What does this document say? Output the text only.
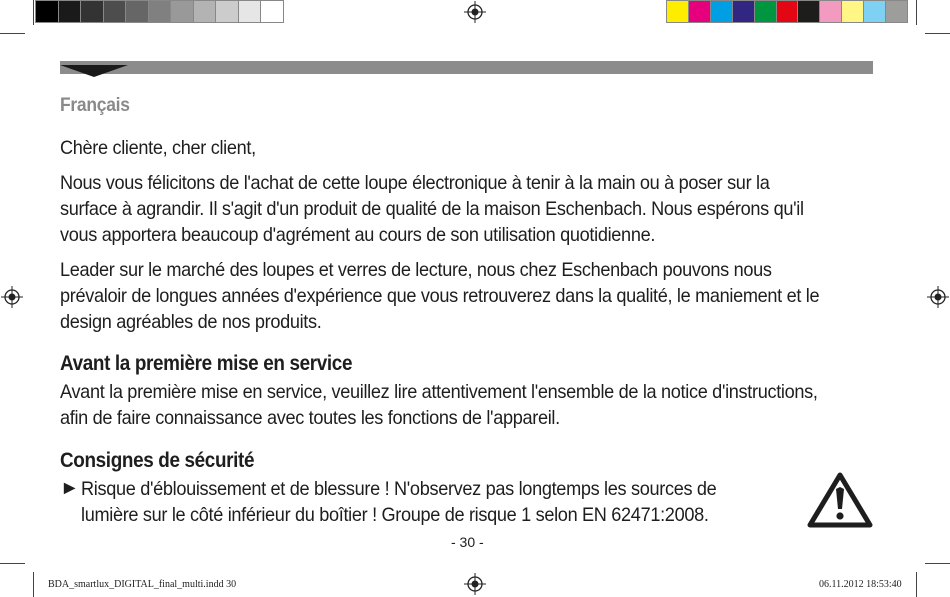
Français
Chère cliente, cher client,
Nous vous félicitons de l'achat de cette loupe électronique à tenir à la main ou à poser sur la
surface à agrandir. Il s'agit d'un produit de qualité de la maison Eschenbach. Nous espérons qu'il
vous apportera beaucoup d'agrément au cours de son utilisation quotidienne.
Leader sur le marché des loupes et verres de lecture, nous chez Eschenbach pouvons nous
prévaloir de longues années d'expérience que vous retrouverez dans la qualité, le maniement et le
design agréables de nos produits.
Avant la première mise en service
Avant la première mise en service, veuillez lire attentivement l'ensemble de la notice d'instructions,
afin de faire connaissance avec toutes les fonctions de l'appareil.
Consignes de sécurité
► Risque d'éblouissement et de blessure ! N'observez pas longtemps les sources de
lumière sur le côté inférieur du boîtier ! Groupe de risque 1 selon EN 62471:2008.
- 30 -
BDA_smartlux_DIGITAL_final_multi.indd 30	06.11.2012 18:53:40
